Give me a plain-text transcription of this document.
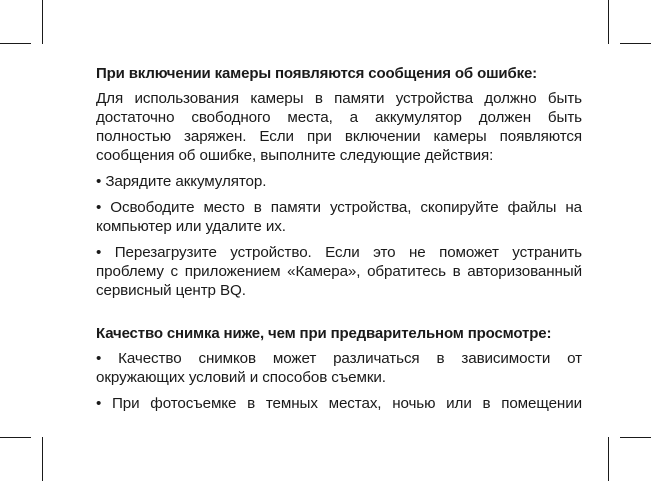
При включении камеры появляются сообщения об ошибке:
Для использования камеры в памяти устройства должно быть достаточно свободного места, а аккумулятор должен быть полностью заряжен. Если при включении камеры появляются сообщения об ошибке, выполните следующие действия:
• Зарядите аккумулятор.
• Освободите место в памяти устройства, скопируйте файлы на компьютер или удалите их.
• Перезагрузите устройство. Если это не поможет устранить проблему с приложением «Камера», обратитесь в авторизованный сервисный центр BQ.
Качество снимка ниже, чем при предварительном просмотре:
• Качество снимков может различаться в зависимости от окружающих условий и способов съемки.
• При фотосъемке в темных местах, ночью или в помещении
